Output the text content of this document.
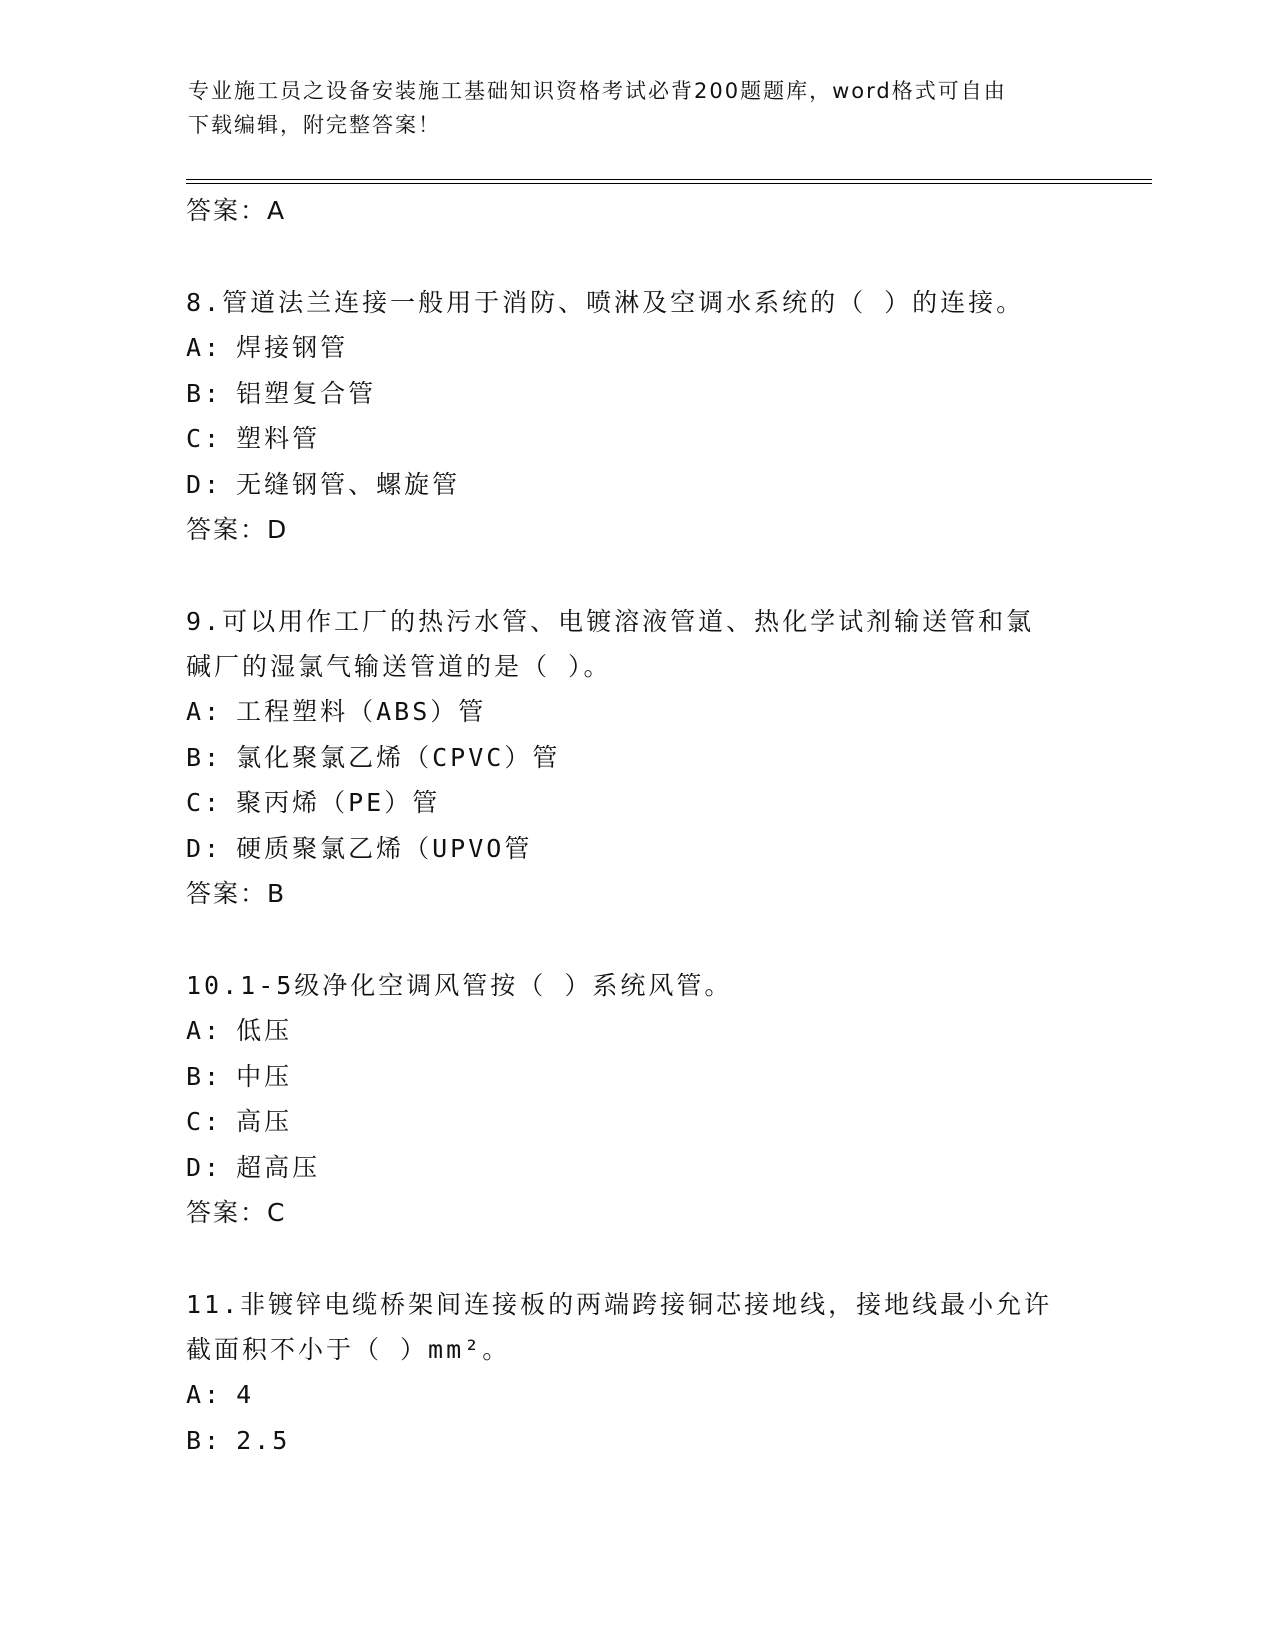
专业施工员之设备安装施工基础知识资格考试必背200题题库，word格式可自由
下载编辑，附完整答案！

答案：A

8.管道法兰连接一般用于消防、喷淋及空调水系统的（ ）的连接。

A: 焊接钢管

B: 铝塑复合管

C: 塑料管

D: 无缝钢管、螺旋管

答案：D

9.可以用作工厂的热污水管、电镀溶液管道、热化学试剂输送管和氯

碱厂的湿氯气输送管道的是（ ）。

A: 工程塑料（ABS）管

B: 氯化聚氯乙烯（CPVC）管

C: 聚丙烯（PE）管

D: 硬质聚氯乙烯（UPVO管

答案：B

10.1-5级净化空调风管按（ ）系统风管。

A: 低压

B: 中压

C: 高压

D: 超高压

答案：C

11.非镀锌电缆桥架间连接板的两端跨接铜芯接地线，接地线最小允许

截面积不小于（ ）mm²。

A: 4

B: 2.5
